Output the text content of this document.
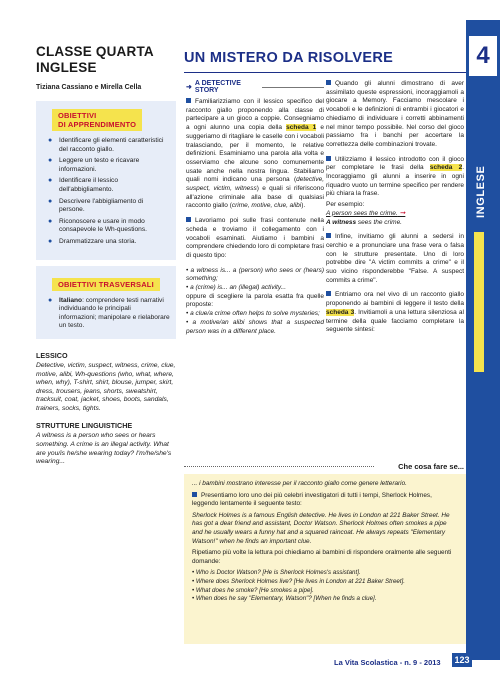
CLASSE QUARTA
INGLESE
Tiziana Cassiano e Mirella Cella
OBIETTIVI
DI APPRENDIMENTO
● Identificare gli elementi caratteristici del racconto giallo.
● Leggere un testo e ricavare informazioni.
● Identificare il lessico dell'abbigliamento.
● Descrivere l'abbigliamento di persone.
● Riconoscere e usare in modo consapevole le Wh-questions.
● Drammatizzare una storia.
OBIETTIVI TRASVERSALI
● Italiano: comprendere testi narrativi individuando le principali informazioni; manipolare e rielaborare un testo.
LESSICO
Detective, victim, suspect, witness, crime, clue, motive, alibi, Wh-questions (who, what, where, when, why), T-shirt, shirt, blouse, jumper, skirt, dress, trousers, jeans, shorts, sweatshirt, tracksuit, coat, jacket, shoes, boots, sandals, trainers, socks, tights.
STRUTTURE LINGUISTICHE
A witness is a person who sees or hears something. A crime is an illegal activity. What are you/is he/she wearing today? I'm/he/she's wearing...
UN MISTERO DA RISOLVERE	4
INGLESE
➜
A DETECTIVE STORY

Familiarizziamo con il lessico specifico del racconto giallo proponendo alla classe di partecipare a un gioco a coppie. Consegniamo a ogni alunno una copia della scheda 1 e suggeriamo di ritagliare le caselle con i vocaboli tralasciando, per il momento, le relative definizioni. Esaminiamo una parola alla volta e osserviamo che alcune sono comunemente usate anche nella nostra lingua. Stabiliamo quali nomi indicano una persona (detective, suspect, victim, witness) e quali si riferiscono all'azione criminale alla base di qualsiasi racconto giallo (crime, motive, clue, alibi).

Lavoriamo poi sulle frasi contenute nella scheda e troviamo il collegamento con i vocaboli esaminati. Aiutiamo i bambini a comprendere chiedendo loro di completare frasi di questo tipo:

• a witness is... a (person) who sees or (hears) something;

• a (crime) is... an (illegal) activity...

oppure di scegliere la parola esatta fra quelle proposte:

• a clue/a crime often helps to solve mysteries;

• a motive/an alibi shows that a suspected person was in a different place.

Quando gli alunni dimostrano di aver assimilato queste espressioni, incoraggiamoli a giocare a Memory. Facciamo mescolare i vocaboli e le definizioni di entrambi i giocatori e chiediamo di individuare i corretti abbinamenti nel minor tempo possibile. Nel corso del gioco passiamo fra i banchi per accertare la correttezza delle combinazioni trovate.

Utilizziamo il lessico introdotto con il gioco per completare le frasi della scheda 2. Incoraggiamo gli alunni a inserire in ogni riquadro vuoto un termine specifico per rendere più chiara la frase.

Per esempio:

A person sees the crime. ➞

A witness sees the crime.

Infine, invitiamo gli alunni a sedersi in cerchio e a pronunciare una frase vera o falsa con le strutture presentate. Uno di loro potrebbe dire "A victim commits a crime" e il suo vicino risponderebbe "False. A suspect commits a crime".

Entriamo ora nel vivo di un racconto giallo proponendo ai bambini di leggere il testo della scheda 3. Invitiamoli a una lettura silenziosa al termine della quale facciamo completare la seguente sintesi:

Che cosa fare se...

... i bambini mostrano interesse per il racconto giallo come genere letterario.

Presentiamo loro uno dei più celebri investigatori di tutti i tempi, Sherlock Holmes, leggendo lentamente il seguente testo:

Sherlock Holmes is a famous English detective. He lives in London at 221 Baker Street. He has got a dear friend and assistant, Doctor Watson. Sherlock Holmes often smokes a pipe and he usually wears a funny hat and a squared raincoat. He always repeats "Elementary Watson!" when he finds an important clue.

Ripetiamo più volte la lettura poi chiediamo ai bambini di rispondere oralmente alle seguenti domande:

• Who is Doctor Watson? [He is Sherlock Holmes's assistant].
• Where does Sherlock Holmes live? [He lives in London at 221 Baker Street].
• What does he smoke? [He smokes a pipe].
• When does he say "Elementary, Watson"? [When he finds a clue].
La Vita Scolastica - n. 9 - 2013 123
